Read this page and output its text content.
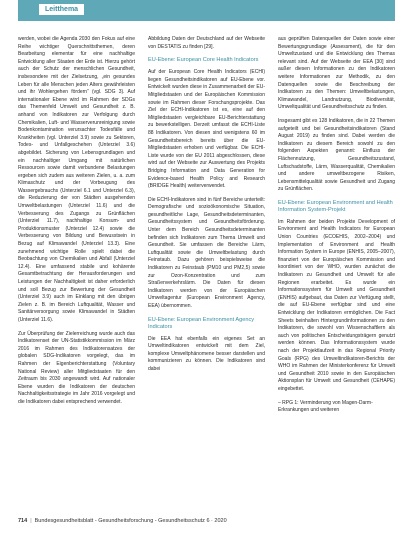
Leitthema

werden, wobei die Agenda 2030 den Fokus auf eine Reihe wichtiger Querschnittsthemen, deren Bearbeitung elementar für eine nachhaltige Entwicklung aller Staaten der Erde ist. Hierzu gehört auch der Schutz der menschlichen Gesundheit, insbesondere mit der Zielsetzung, „ein gesundes Leben für alle Menschen jeden Alters gewährleisten und ihr Wohlergehen fördern“ (vgl. SDG 3). Auf internationaler Ebene wird im Rahmen der SDGs das Themenfeld Umwelt und Gesundheit z. B. anhand von Indikatoren zur Verfolgung durch Chemikalien, Luft- und Wasserverunreinigung sowie Bodenkontamination verursachter Todesfälle und Krankheiten (vgl. Unterziel 3.9) sowie zu Sektoren, Todes- und Unfallgeschehen (Unterziel 3.6) abgebildet. Sicherung von Lebensgrundlagen und ein nachhaltiger Umgang mit natürlichen Ressourcen sowie damit verbundene Belastungen ergeben sich zudem aus weiteren Zielen, u. a. zum Klimaschutz und der Vorbeugung des Wassergebrauchs (Unterziel 6.1 und Unterziel 6.3), die Reduzierung der von Städten ausgehenden Umweltbelastungen (Unterziel 11.6) und die Verbesserung des Zugangs zu Grünflächen (Unterziel 11.7), nachhaltige Konsum- und Produktionsmuster (Unterziel 12.4) sowie die Verbesserung von Bildung und Bewusstsein in Bezug auf Klimawandel (Unterziel 13.3). Eine zunehmend wichtige Rolle spielt dabei die Beobachtung von Chemikalien und Abfall (Unterziel 12.4). Eine umfassend stabile und kohärente Gesamtbetrachtung der Herausforderungen und Leistungen der Nachhaltigkeit ist daher erforderlich und soll Bezug zur Bewertung der Gesundheit (Unterziel 3.9) auch im Einklang mit den übrigen Zielen z. B. im Bereich Luftqualität, Wasser und Sanitärversorgung sowie Klimawandel in Städten (Unterziel 11.6).

Zur Überprüfung der Zielerreichung wurde auch das Indikatorenset der UN-Statistikkommission im März 2016 im Rahmen des Indikatorensatzes der globalen SDG-Indikatoren vorgelegt, das im Rahmen der Eigenberichterstattung (Voluntary National Review) aller Mitgliedstaaten für den Zeitraum bis 2030 angewandt wird. Auf nationaler Ebene wurden die Indikatoren der deutschen Nachhaltigkeitsstrategie im Jahr 2016 vorgelegt und die Indikatoren dabei entsprechend verwendet.

Abbildung Daten der Deutschland auf der Webseite von DESTATIS zu finden [29].

EU-Ebene: European Core Health Indicators

Auf der European Core Health Indicators (ECHI) liegen Gesundheitsindikatoren auf EU-Ebene vor. Entwickelt wurden diese in Zusammenarbeit der EU-Mitgliedstaaten und der Europäischen Kommission sowie im Rahmen dieser Forschungsprojekte. Das Ziel der ECHI-Indikatoren ist es, eine auf den Mitgliedstaaten vergleichbare EU-Berichterstattung zu bewerkstelligen. Derzeit umfasst die ECHI-Liste 88 Indikatoren. Von diesen sind wenigstens 60 im Gesundheitsbereich bereits über die EU-Mitgliedstaaten erhoben und verfügbar. Die ECHI-Liste wurde von der EU 2011 abgeschlossen, diese wird auf der Webseite zur Auswertung des Projekts Bridging Information and Data Generation for Evidence-based Health Policy and Research (BRIDGE Health) weiterverwendet.

Die ECHI-Indikatoren sind in fünf Bereiche unterteilt: Demografische und sozioökonomische Situation, gesundheitliche Lage, Gesundheitsdeterminanten, Gesundheitssystem und Gesundheitsförderung. Unter dem Bereich Gesundheitsdeterminanten befinden sich Indikatoren zum Thema Umwelt und Gesundheit. Sie umfassen die Bereiche Lärm, Luftqualität sowie die Umweltbelastung durch Feinstaub. Dazu gehören beispielsweise die Indikatoren zu Feinstaub (PM10 und PM2,5) sowie zur Ozon-Konzentration und zum Straßenverkehrslärm. Die Daten für diesen Indikatoren werden von der Europäischen Umweltagentur (European Environment Agency, EEA) übernommen.

EU-Ebene: European Environment Agency Indicators

Die EEA hat ebenfalls ein eigenes Set an Umweltindikatoren entwickelt mit dem Ziel, komplexe Umweltphänomene besser darstellen und kommunizieren zu können. Die Indikatoren sind dabei

aus geprüften Datenquellen der Daten sowie einer Bewertungsgrundlage (Assessment), die für den Umweltzustand und die Entwicklung des Themas relevant sind. Auf der Webseite der EEA [30] sind außer diesen Informationen zu den Indikatoren weitere Informationen zur Methodik, zu den Datenquellen sowie die Beschreibung der Indikatoren zu den Themen: Umweltbelastungen, Klimawandel, Landnutzung, Biodiversität, Umweltqualität und Gesundheitsschutz zu finden.

Insgesamt gibt es 128 Indikatoren, die in 22 Themen aufgeteilt und bei Gesundheitsindikatoren (Stand August 2019) zu finden sind. Dabei werden die Indikatoren zu diesem Bereich sowohl zu den folgenden Aspekten genannt: Einfluss der Flächennutzung, Gesundheitszustand, Luftschadstoffe, Lärm, Wasserqualität, Chemikalien und andere umweltbezogene Risiken, Lebensmittelqualität sowie Gesundheit und Zugang zu Grünflächen.

EU-Ebene: European Environment and Health Information System-Projekt

Im Rahmen der beiden Projekte Development of Environment and Health Indicators for European Union Countries (ECOEHIS, 2002–2004) und Implementation of Environment and Health Information System in Europe (ENHIS, 2005–2007), finanziert von der Europäischen Kommission und koordiniert von der WHO, wurden zunächst die Indikatoren zu Gesundheit und Umwelt für alle Regionen erarbeitet. Es wurde ein Informationssystem für Umwelt und Gesundheit (ENHIS) aufgebaut, das Daten zur Verfügung stellt, die auf EU-Ebene verfügbar sind und eine Entwicklung der Indikatoren ermöglichen. Die Fact Sheets beinhalten Hintergrundinformationen zu den Indikatoren, die sowohl von Wissenschaftlern als auch von politischen Entscheidungsträgern genutzt werden können. Das Informationssystem wurde nach der Projektlaufzeit in das Regional Priority Goals (RPG) des Umweltindikatoren-Berichts der WHO im Rahmen der Ministerkonferenz für Umwelt und Gesundheit 2010 sowie in den Europäischen Aktionsplan für Umwelt und Gesundheit (CEHAPE) eingebettet.

– RPG 1: Verminderung von Magen-Darm-Erkrankungen und weiteren
714 | Bundesgesundheitsblatt - Gesundheitsforschung - Gesundheitsschutz 6 · 2020
